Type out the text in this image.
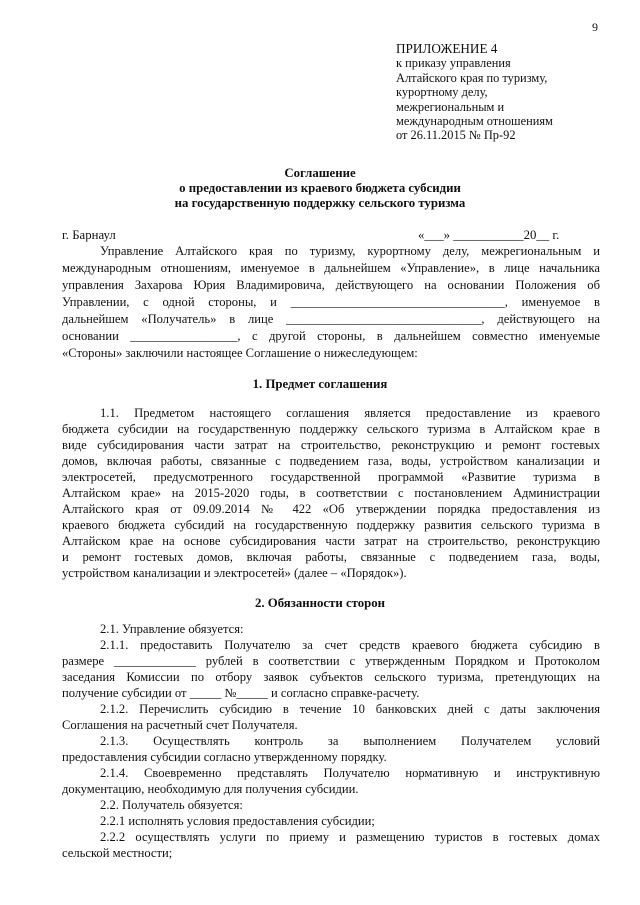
9
ПРИЛОЖЕНИЕ 4
к приказу управления
Алтайского края по туризму,
курортному делу,
межрегиональным и
международным отношениям
от 26.11.2015 № Пр-92
Соглашение
о предоставлении из краевого бюджета субсидии
на государственную поддержку сельского туризма
г. Барнаул	«___» ___________20__ г.
Управление Алтайского края по туризму, курортному делу, межрегиональным и
международным отношениям, именуемое в дальнейшем «Управление», в лице начальника
управления Захарова Юрия Владимировича, действующего на основании Положения об
Управлении, с одной стороны, и __________________________________, именуемое в
дальнейшем «Получатель» в лице _______________________________, действующего на
основании _________________, с другой стороны, в дальнейшем совместно именуемые
«Стороны» заключили настоящее Соглашение о нижеследующем:
1. Предмет соглашения
1.1. Предметом настоящего соглашения является предоставление из краевого
бюджета субсидии на государственную поддержку сельского туризма в Алтайском крае в
виде субсидирования части затрат на строительство, реконструкцию и ремонт гостевых
домов, включая работы, связанные с подведением газа, воды, устройством канализации и
электросетей, предусмотренного государственной программой «Развитие туризма в
Алтайском крае» на 2015-2020 годы, в соответствии с постановлением Администрации
Алтайского края от 09.09.2014 № 422 «Об утверждении порядка предоставления из
краевого бюджета субсидий на государственную поддержку развития сельского туризма в
Алтайском крае на основе субсидирования части затрат на строительство, реконструкцию
и ремонт гостевых домов, включая работы, связанные с подведением газа, воды,
устройством канализации и электросетей» (далее – «Порядок»).
2. Обязанности сторон
2.1. Управление обязуется:
2.1.1. предоставить Получателю за счет средств краевого бюджета субсидию в
размере _____________ рублей в соответствии с утвержденным Порядком и Протоколом
заседания Комиссии по отбору заявок субъектов сельского туризма, претендующих на
получение субсидии от _____ №_____ и согласно справке-расчету.
2.1.2. Перечислить субсидию в течение 10 банковских дней с даты заключения
Соглашения на расчетный счет Получателя.
2.1.3. Осуществлять контроль за выполнением Получателем условий
предоставления субсидии согласно утвержденному порядку.
2.1.4. Своевременно представлять Получателю нормативную и инструктивную
документацию, необходимую для получения субсидии.
2.2. Получатель обязуется:
2.2.1 исполнять условия предоставления субсидии;
2.2.2 осуществлять услуги по приему и размещению туристов в гостевых домах
сельской местности;
